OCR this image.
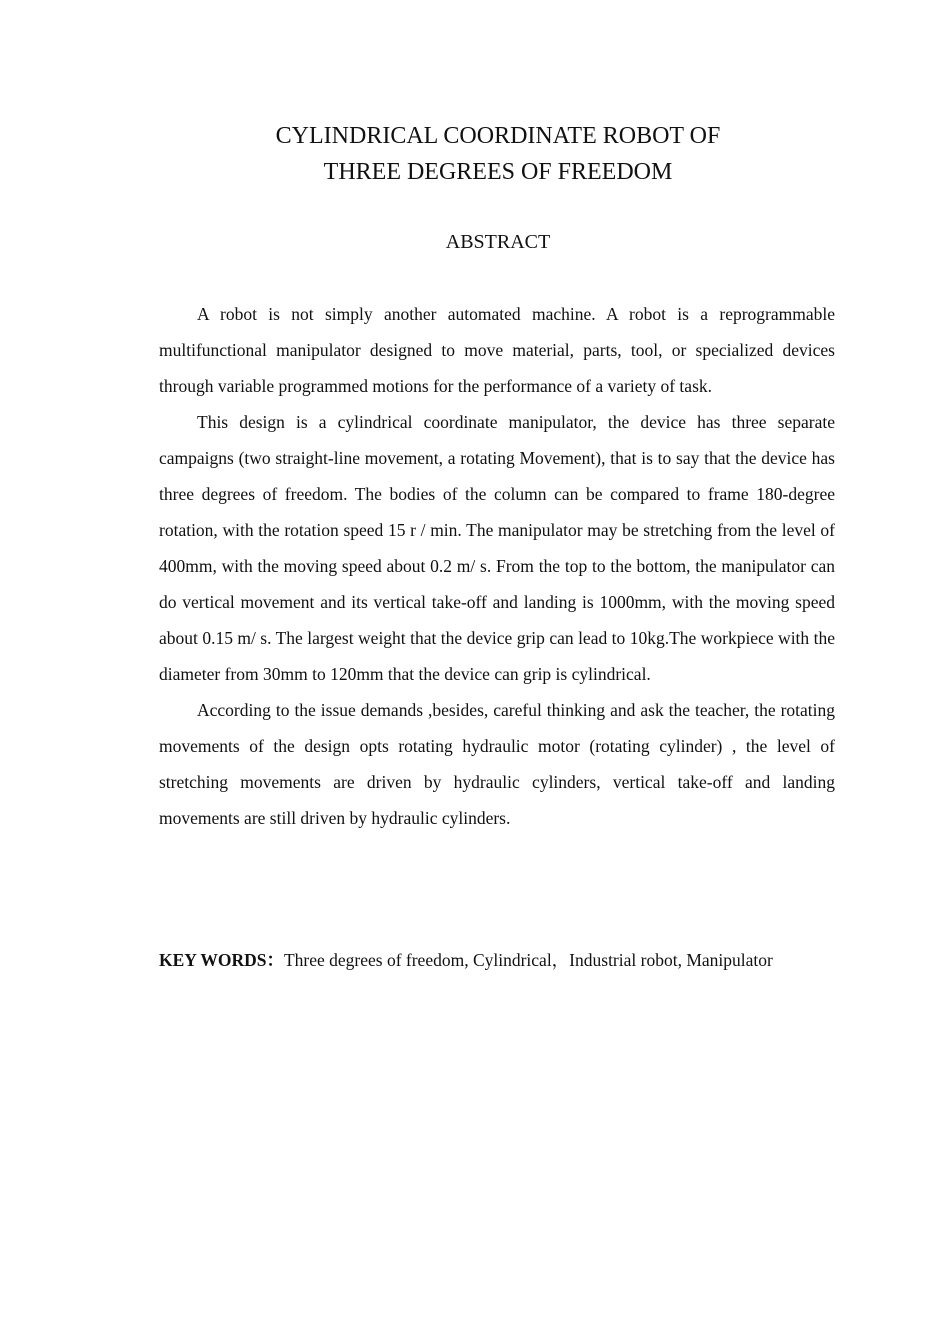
CYLINDRICAL COORDINATE ROBOT OF
THREE DEGREES OF FREEDOM
ABSTRACT

A robot is not simply another automated machine. A robot is a reprogrammable multifunctional manipulator designed to move material, parts, tool, or specialized devices through variable programmed motions for the performance of a variety of task.

This design is a cylindrical coordinate manipulator, the device has three separate campaigns (two straight-line movement, a rotating Movement), that is to say that the device has three degrees of freedom. The bodies of the column can be compared to frame 180-degree rotation, with the rotation speed 15 r / min. The manipulator may be stretching from the level of 400mm, with the moving speed about 0.2 m/ s. From the top to the bottom, the manipulator can do vertical movement and its vertical take-off and landing is 1000mm, with the moving speed about 0.15 m/ s. The largest weight that the device grip can lead to 10kg.The workpiece with the diameter from 30mm to 120mm that the device can grip is cylindrical.

According to the issue demands ,besides, careful thinking and ask the teacher, the rotating movements of the design opts rotating hydraulic motor (rotating cylinder) , the level of stretching movements are driven by hydraulic cylinders, vertical take-off and landing movements are still driven by hydraulic cylinders.

KEY WORDS：Three degrees of freedom, Cylindrical，Industrial robot, Manipulator
